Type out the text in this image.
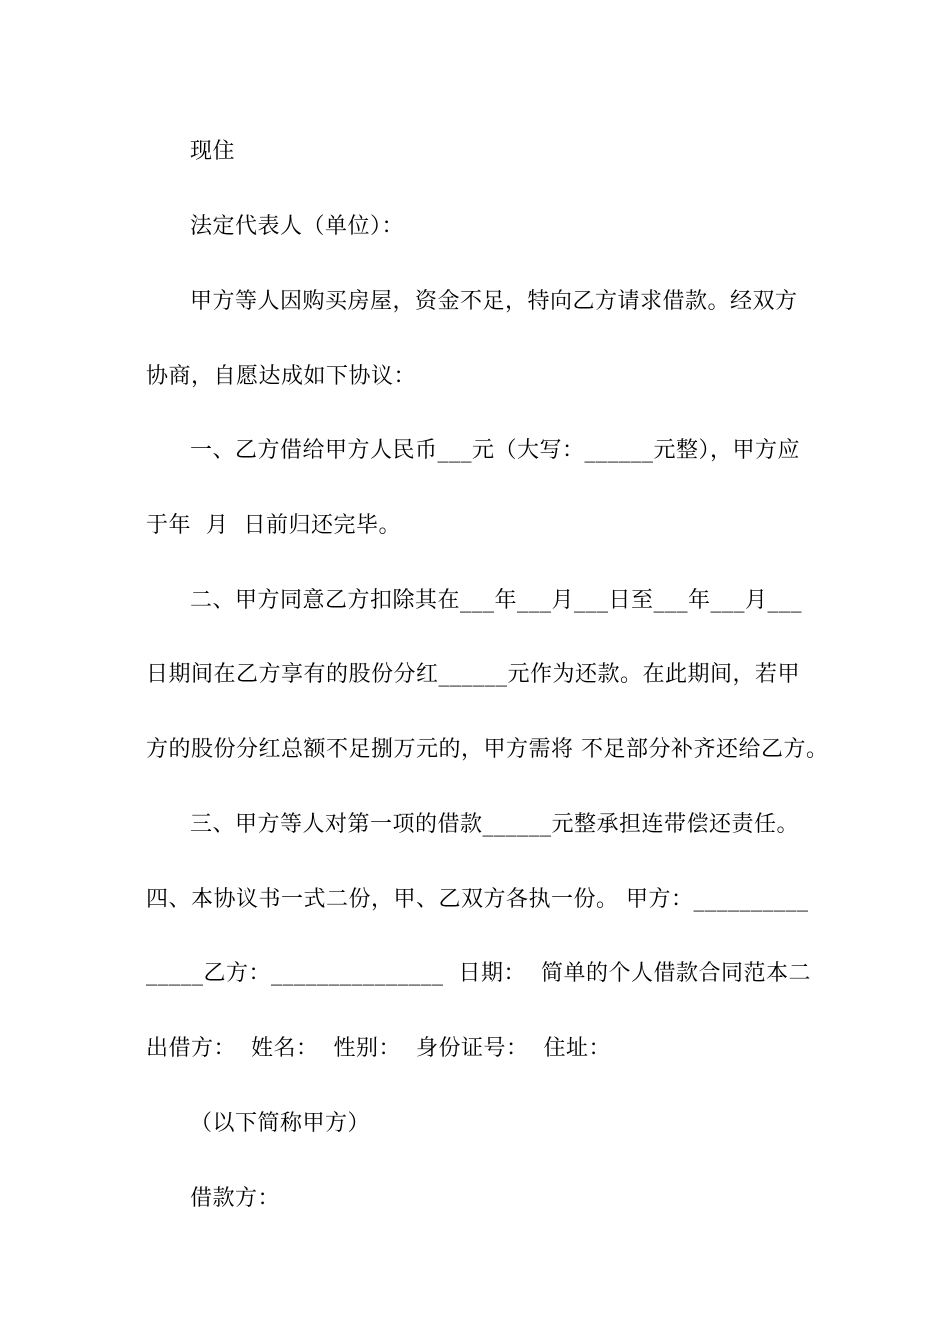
现住
法定代表人（单位）：
甲方等人因购买房屋，资金不足，特向乙方请求借款。经双方
协商，自愿达成如下协议：
一、乙方借给甲方人民币___元（大写：______元整），甲方应
于年  月  日前归还完毕。
二、甲方同意乙方扣除其在___年___月___日至___年___月___
日期间在乙方享有的股份分红______元作为还款。在此期间，若甲
方的股份分红总额不足捌万元的，甲方需将 不足部分补齐还给乙方。
三、甲方等人对第一项的借款______元整承担连带偿还责任。
四、本协议书一式二份，甲、乙双方各执一份。 甲方：__________
_____乙方：_______________  日期：  简单的个人借款合同范本二
出借方：  姓名：  性别：  身份证号：  住址：
（以下简称甲方）
借款方：
